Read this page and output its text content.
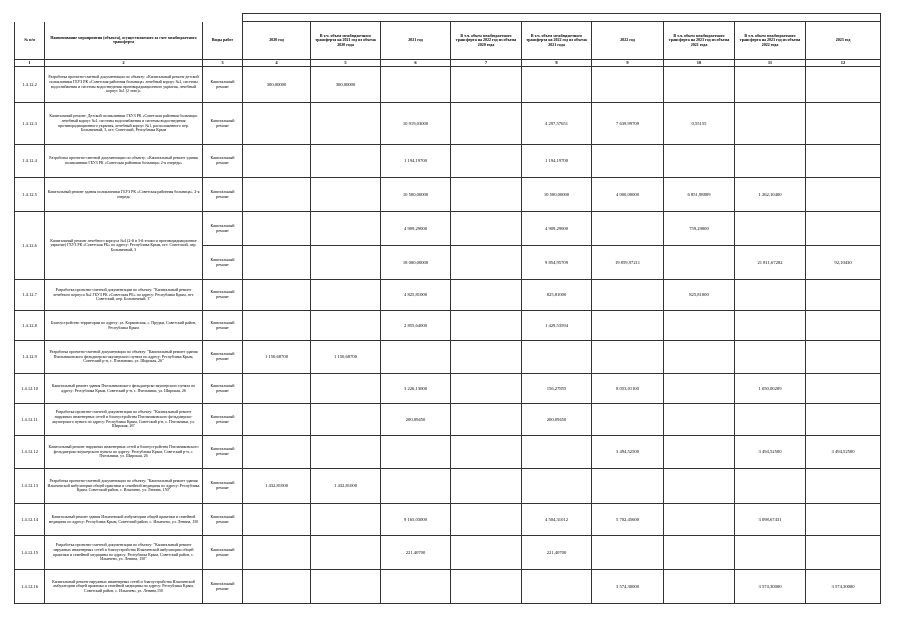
№ п/п	Наименование мероприятия (объекта), осуществляемого за счет межбюджетного трансферта	Виды работ	2020 год	В т.ч. объем межбюджетного трансферта на 2021 год из объема 2020 года	2021 год	В т.ч. объем межбюджетного трансферта на 2022 год из объема 2020 года	В т.ч. объем межбюджетного трансферта на 2022 год из объема 2021 года	2022 год	В т.ч. объем межбюджетного трансферта на 2023 год из объема 2021 года	В т.ч. объем межбюджетного трансферта на 2023 год из объема 2022 года	2023 год
1	2	3	4	5	6	7	8	9	10	11	12
1.4.12.2	Разработка проектно-сметной документации по объекту: «Капитальный ремонт детской поликлиники ГБУЗ РК «Советская районная больница» лечебный корпус №1, системы водоснабжения и системы водоотведения противорадиационного укрытия, лечебный корпус №1 (2 этап)»	Капитальный ремонт	300,00000	300,00000							
1.4.12.3	Капитальный ремонт: Детской поликлиники ГБУЗ РК «Советская районная больница» лечебный корпус №1, системы водоснабжения и системы водоотведения противорадиационного укрытия, лечебный корпус №1, расположенного пер. Больничный, 3, пгт. Советский, Республика Крым	Капитальный ремонт			10 919,03000		4 297,57651	7 639,99709	0,55155		
1.4.12.4	Разработка проектно-сметной документации по объекту: «Капитальный ремонт здания поликлиники ГБУЗ РК «Советская районная больница» 2-я очередь»	Капитальный ремонт			1 194,19700		1 194,19700				
1.4.12.5	Капитальный ремонт здания поликлиники ГБУЗ РК «Советская районная больница», 2-я очередь	Капитальный ремонт			10 500,00000		10 500,00000	4 000,00000	6 851,98809	1 262,10400	
1.4.12.6	Капитальный ремонт лечебного корпуса №4 (2-й и 3-й этажи и противорадиационное укрытие) ГБУЗ РК «Советская РБ» по адресу: Республика Крым, пгт. Советский, пер. Больничный, 3	Капитальный ремонт			4 909,29000		4 909,29000		759,29000		
		Капитальный ремонт			18 000,00000		9 854,95709	19 859,97211		21 811,67282	92,10430
1.4.12.7	Разработка проектно-сметной документации по объекту: "Капитальный ремонт лечебного корпуса №2 ГБУЗ РК «Советская РБ» по адресу: Республика Крым, пгт. Советский, пер. Больничный, 3"	Капитальный ремонт			4 825,81000		825,81000		825,81000		
1.4.12.8	Благоустройство территории по адресу: ул. Кормовская, с. Прудки, Советский район, Республика Крым	Капитальный ремонт			2 855,64000		1 429,53594				
1.4.12.9	Разработка проектно-сметной документации по объекту: "Капитальный ремонт здания Пчельниковского фельдшерско-акушерского пункта по адресу: Республика Крым, Советский р-н, с. Пчельники, ул. Широкая, 26"	Капитальный ремонт	1 150,68700	1 150,68700							
1.4.12.10	Капитальный ремонт здания Пчельниковского фельдшерско-акушерского пункта по адресу: Республика Крым, Советский р-н, с. Пчельники, ул. Широкая, 26	Капитальный ремонт			3 226,13000		156,27855	8 053,01100		1 050,00209	
1.4.12.11	Разработка проектно-сметной документации по объекту: "Капитальный ремонт наружных инженерных сетей и благоустройства Пчельниковского фельдшерско-акушерского пункта по адресу: Республика Крым, Советский р-н, с. Пчельники, ул. Широкая, 26"	Капитальный ремонт			200,09450		200,09450				
1.4.12.12	Капитальный ремонт наружных инженерных сетей и благоустройства Пчельниковского фельдшерско-акушерского пункта по адресу: Республика Крым, Советский р-н, с. Пчельники, ул. Широкая, 26	Капитальный ремонт						3 494,52500		3 494,52500	3 494,52500
1.4.12.13	Разработка проектно-сметной документации по объекту: "Капитальный ремонт здания Ильичевской амбулатории общей практики и семейной медицины по адресу: Республика Крым, Советский район, с. Ильичево, ул. Ленина, 150"	Капитальный ремонт	1 432,81000	1 432,81000							
1.4.12.14	Капитальный ремонт здания Ильичевской амбулатории общей практики и семейной медицины по адресу: Республика Крым, Советский район, с. Ильичево, ул. Ленина, 150	Капитальный ремонт			9 165,03000		4 504,31012	5 702,45600		3 098,67431	
1.4.12.15	Разработка проектно-сметной документации по объекту: "Капитальный ремонт наружных инженерных сетей и благоустройства Ильичевской амбулатории общей практики и семейной медицины по адресу: Республика Крым, Советский район, с. Ильичево, ул. Ленина, 150"	Капитальный ремонт			221,40700		221,40700				
1.4.12.16	Капитальный ремонт наружных инженерных сетей и благоустройства Ильичевской амбулатории общей практики и семейной медицины по адресу: Республика Крым, Советский район, с. Ильичево, ул. Ленина,150	Капитальный ремонт						3 574,30000		3 574,30000	3 574,30000
